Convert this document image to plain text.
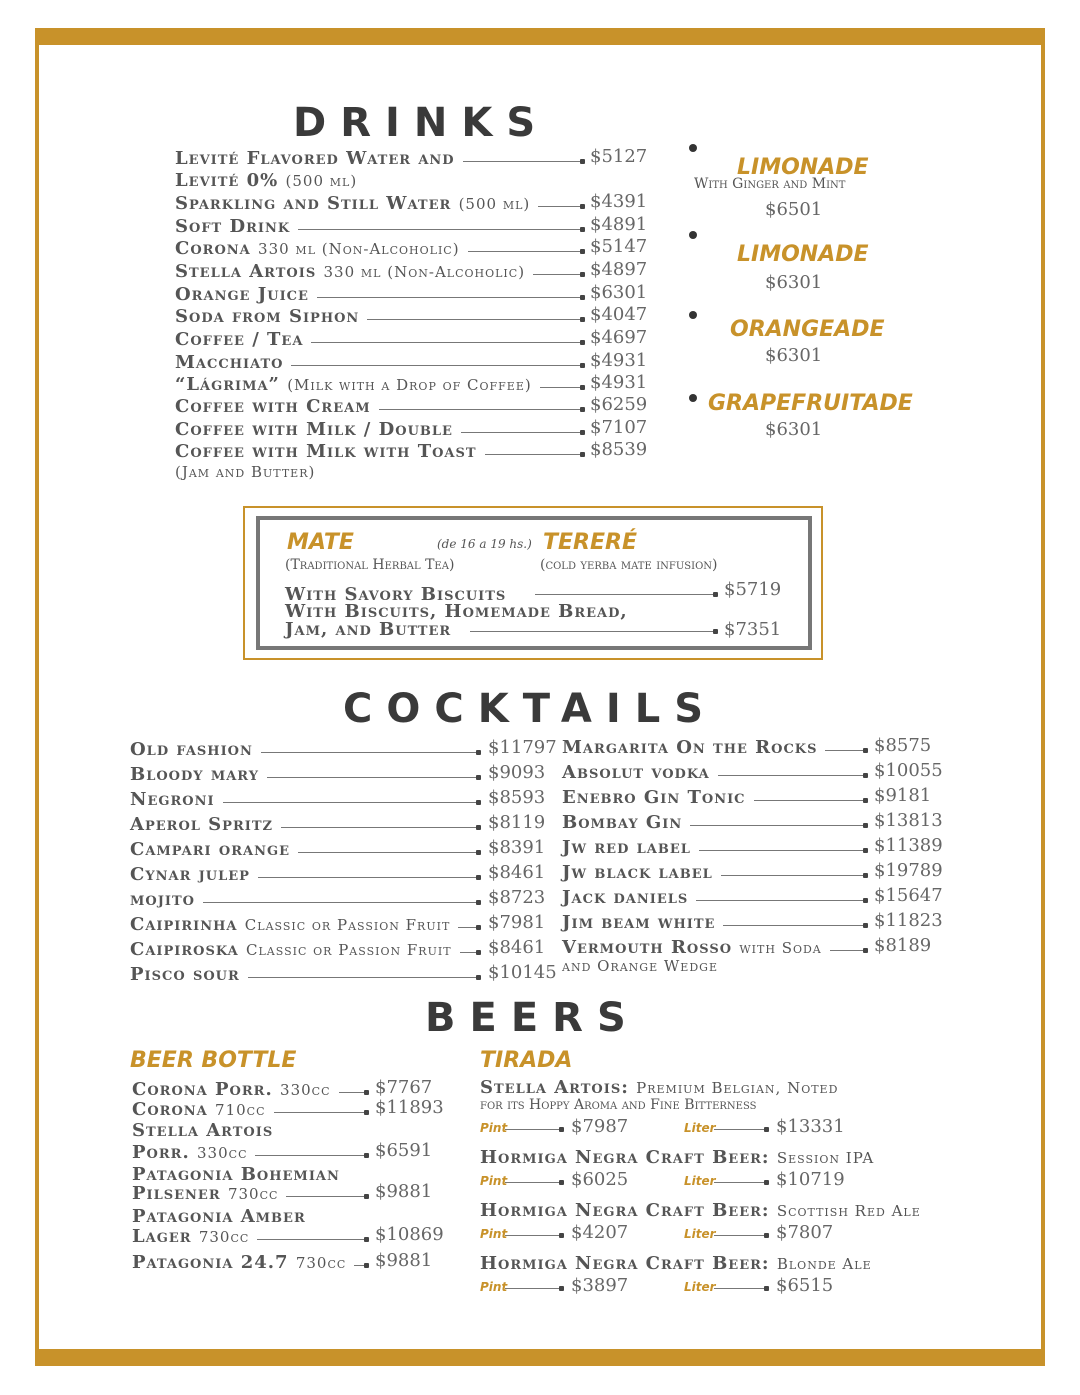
DRINKS
Levité Flavored Water and	$5127
Levité 0% (500 ml)
Sparkling and Still Water (500 ml)	$4391
Soft Drink	$4891
Corona 330 ml (Non-Alcoholic)	$5147
Stella Artois 330 ml (Non-Alcoholic)	$4897
Orange Juice	$6301
Soda from Siphon	$4047
Coffee / Tea	$4697
Macchiato	$4931
“Lágrima” (Milk with a Drop of Coffee)	$4931
Coffee with Cream	$6259
Coffee with Milk / Double	$7107
Coffee with Milk with Toast	$8539
(Jam and Butter)
LIMONADE
With Ginger and Mint
$6501
LIMONADE
$6301
ORANGEADE
$6301
GRAPEFRUITADE
$6301
MATE	(de 16 a 19 hs.) TERERÉ
(Traditional Herbal Tea)	(cold yerba mate infusion)
With Savory Biscuits	$5719
With Biscuits, Homemade Bread,
Jam, and Butter	$7351
COCKTAILS
Old fashion	$11797
Bloody mary	$9093
Negroni	$8593
Aperol Spritz	$8119
Campari orange	$8391
Cynar julep	$8461
mojito	$8723
Caipirinha Classic or Passion Fruit $7981
Caipiroska Classic or Passion Fruit $8461
Pisco sour	$10145
Margarita On the Rocks	$8575
Absolut vodka	$10055
Enebro Gin Tonic	$9181
Bombay Gin	$13813
Jw red label	$11389
Jw black label	$19789
Jack daniels	$15647
Jim beam white	$11823
Vermouth Rosso with Soda	$8189
and Orange Wedge
BEERS
BEER BOTTLE	TIRADA
Corona Porr. 330cc $7767
Corona 710cc	$11893
Stella Artois
Porr. 330cc	$6591
Patagonia Bohemian
Pilsener 730cc	$9881
Patagonia Amber
Lager 730cc	$10869
Patagonia 24.7 730cc $9881
Stella Artois: Premium Belgian, Noted
for its Hoppy Aroma and Fine Bitterness
Pint	$7987	Liter	$13331
Hormiga Negra Craft Beer: Session IPA
Pint	$6025	Liter	$10719
Hormiga Negra Craft Beer: Scottish Red Ale
Pint	$4207	Liter	$7807
Hormiga Negra Craft Beer: Blonde Ale
Pint	$3897	Liter	$6515
